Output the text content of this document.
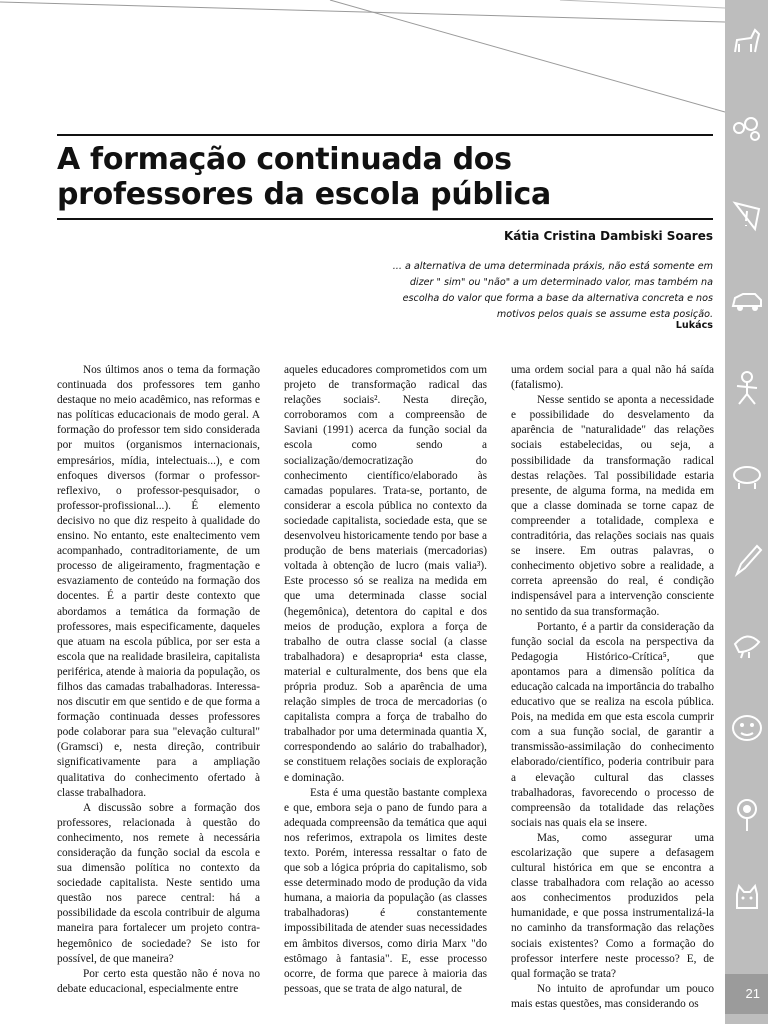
21
A formação continuada dos
professores da escola pública
Kátia Cristina Dambiski Soares
... a alternativa de uma determinada práxis, não está somente em dizer " sim" ou "não" a um determinado valor, mas também na escolha do valor que forma a base da alternativa concreta e nos motivos pelos quais se assume esta posição.
Lukács

Nos últimos anos o tema da formação continuada dos professores tem ganho destaque no meio acadêmico, nas reformas e nas políticas educacionais de modo geral. A formação do professor tem sido considerada por muitos (organismos internacionais, empresários, mídia, intelectuais...), e com enfoques diversos (formar o professor-reflexivo, o professor-pesquisador, o professor-profissional...). É elemento decisivo no que diz respeito à qualidade do ensino. No entanto, este enaltecimento vem acompanhado, contraditoriamente, de um processo de aligeiramento, fragmentação e esvaziamento de conteúdo na formação dos docentes. É a partir deste contexto que abordamos a temática da formação de professores, mais especificamente, daqueles que atuam na escola pública, por ser esta a escola que na realidade brasileira, capitalista periférica, atende à maioria da população, os filhos das camadas trabalhadoras. Interessa-nos discutir em que sentido e de que forma a formação continuada desses professores pode colaborar para sua "elevação cultural" (Gramsci) e, nesta direção, contribuir significativamente para a ampliação qualitativa do conhecimento ofertado à classe trabalhadora.

A discussão sobre a formação dos professores, relacionada à questão do conhecimento, nos remete à necessária consideração da função social da escola e sua dimensão política no contexto da sociedade capitalista. Neste sentido uma questão nos parece central: há a possibilidade da escola contribuir de alguma maneira para fortalecer um projeto contra-hegemônico de sociedade? Se isto for possível, de que maneira?

Por certo esta questão não é nova no debate educacional, especialmente entre

aqueles educadores comprometidos com um projeto de transformação radical das relações sociais². Nesta direção, corroboramos com a compreensão de Saviani (1991) acerca da função social da escola como sendo a socialização/democratização do conhecimento científico/elaborado às camadas populares. Trata-se, portanto, de considerar a escola pública no contexto da sociedade capitalista, sociedade esta, que se desenvolveu historicamente tendo por base a produção de bens materiais (mercadorias) voltada à obtenção de lucro (mais valia³). Este processo só se realiza na medida em que uma determinada classe social (hegemônica), detentora do capital e dos meios de produção, explora a força de trabalho de outra classe social (a classe trabalhadora) e desapropria⁴ esta classe, material e culturalmente, dos bens que ela própria produz. Sob a aparência de uma relação simples de troca de mercadorias (o capitalista compra a força de trabalho do trabalhador por uma determinada quantia X, correspondendo ao salário do trabalhador), se constituem relações sociais de exploração e dominação.

Esta é uma questão bastante complexa e que, embora seja o pano de fundo para a adequada compreensão da temática que aqui nos referimos, extrapola os limites deste texto. Porém, interessa ressaltar o fato de que sob a lógica própria do capitalismo, sob esse determinado modo de produção da vida humana, a maioria da população (as classes trabalhadoras) é constantemente impossibilitada de atender suas necessidades em âmbitos diversos, como diria Marx "do estômago à fantasia". E, esse processo ocorre, de forma que parece à maioria das pessoas, que se trata de algo natural, de

uma ordem social para a qual não há saída (fatalismo).

Nesse sentido se aponta a necessidade e possibilidade do desvelamento da aparência de "naturalidade" das relações sociais estabelecidas, ou seja, a possibilidade da transformação radical destas relações. Tal possibilidade estaria presente, de alguma forma, na medida em que a classe dominada se torne capaz de compreender a totalidade, complexa e contraditória, das relações sociais nas quais se insere. Em outras palavras, o conhecimento objetivo sobre a realidade, a correta apreensão do real, é condição indispensável para a intervenção consciente no sentido da sua transformação.

Portanto, é a partir da consideração da função social da escola na perspectiva da Pedagogia Histórico-Crítica⁵, que apontamos para a dimensão política da educação calcada na importância do trabalho educativo que se realiza na escola pública. Pois, na medida em que esta escola cumprir com a sua função social, de garantir a transmissão-assimilação do conhecimento elaborado/científico, poderia contribuir para a elevação cultural das classes trabalhadoras, favorecendo o processo de compreensão da totalidade das relações sociais nas quais ela se insere.

Mas, como assegurar uma escolarização que supere a defasagem cultural histórica em que se encontra a classe trabalhadora com relação ao acesso aos conhecimentos produzidos pela humanidade, e que possa instrumentalizá-la no caminho da transformação das relações sociais existentes? Como a formação do professor interfere neste processo? E, de qual formação se trata?

No intuito de aprofundar um pouco mais estas questões, mas considerando os
